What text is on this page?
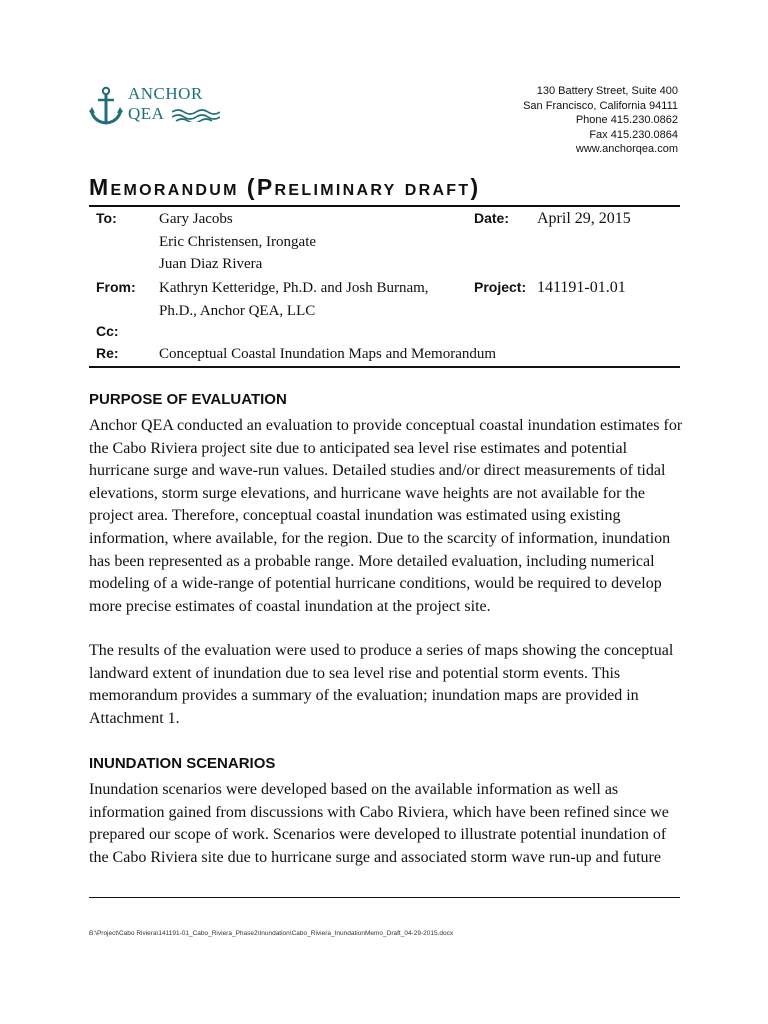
ANCHOR
QEA
130 Battery Street, Suite 400
San Francisco, California 94111
Phone 415.230.0862
Fax 415.230.0864
www.anchorqea.com
MEMORANDUM (PRELIMINARY DRAFT)
To:	Gary Jacobs
Eric Christensen, Irongate
Juan Diaz Rivera
Date: April 29, 2015
From: Kathryn Ketteridge, Ph.D. and Josh Burnam,
Ph.D., Anchor QEA, LLC
Project: 141191-01.01
Cc:
Re:	Conceptual Coastal Inundation Maps and Memorandum
PURPOSE OF EVALUATION
Anchor QEA conducted an evaluation to provide conceptual coastal inundation estimates for
the Cabo Riviera project site due to anticipated sea level rise estimates and potential
hurricane surge and wave-run values. Detailed studies and/or direct measurements of tidal
elevations, storm surge elevations, and hurricane wave heights are not available for the
project area. Therefore, conceptual coastal inundation was estimated using existing
information, where available, for the region. Due to the scarcity of information, inundation
has been represented as a probable range. More detailed evaluation, including numerical
modeling of a wide-range of potential hurricane conditions, would be required to develop
more precise estimates of coastal inundation at the project site.
The results of the evaluation were used to produce a series of maps showing the conceptual
landward extent of inundation due to sea level rise and potential storm events. This
memorandum provides a summary of the evaluation; inundation maps are provided in
Attachment 1.
INUNDATION SCENARIOS
Inundation scenarios were developed based on the available information as well as
information gained from discussions with Cabo Riviera, which have been refined since we
prepared our scope of work. Scenarios were developed to illustrate potential inundation of
the Cabo Riviera site due to hurricane surge and associated storm wave run-up and future
B:\Project\Cabo Riviera\141191-01_Cabo_Riviera_Phase2\Inundation\Cabo_Riviera_InundationMemo_Draft_04-29-2015.docx
